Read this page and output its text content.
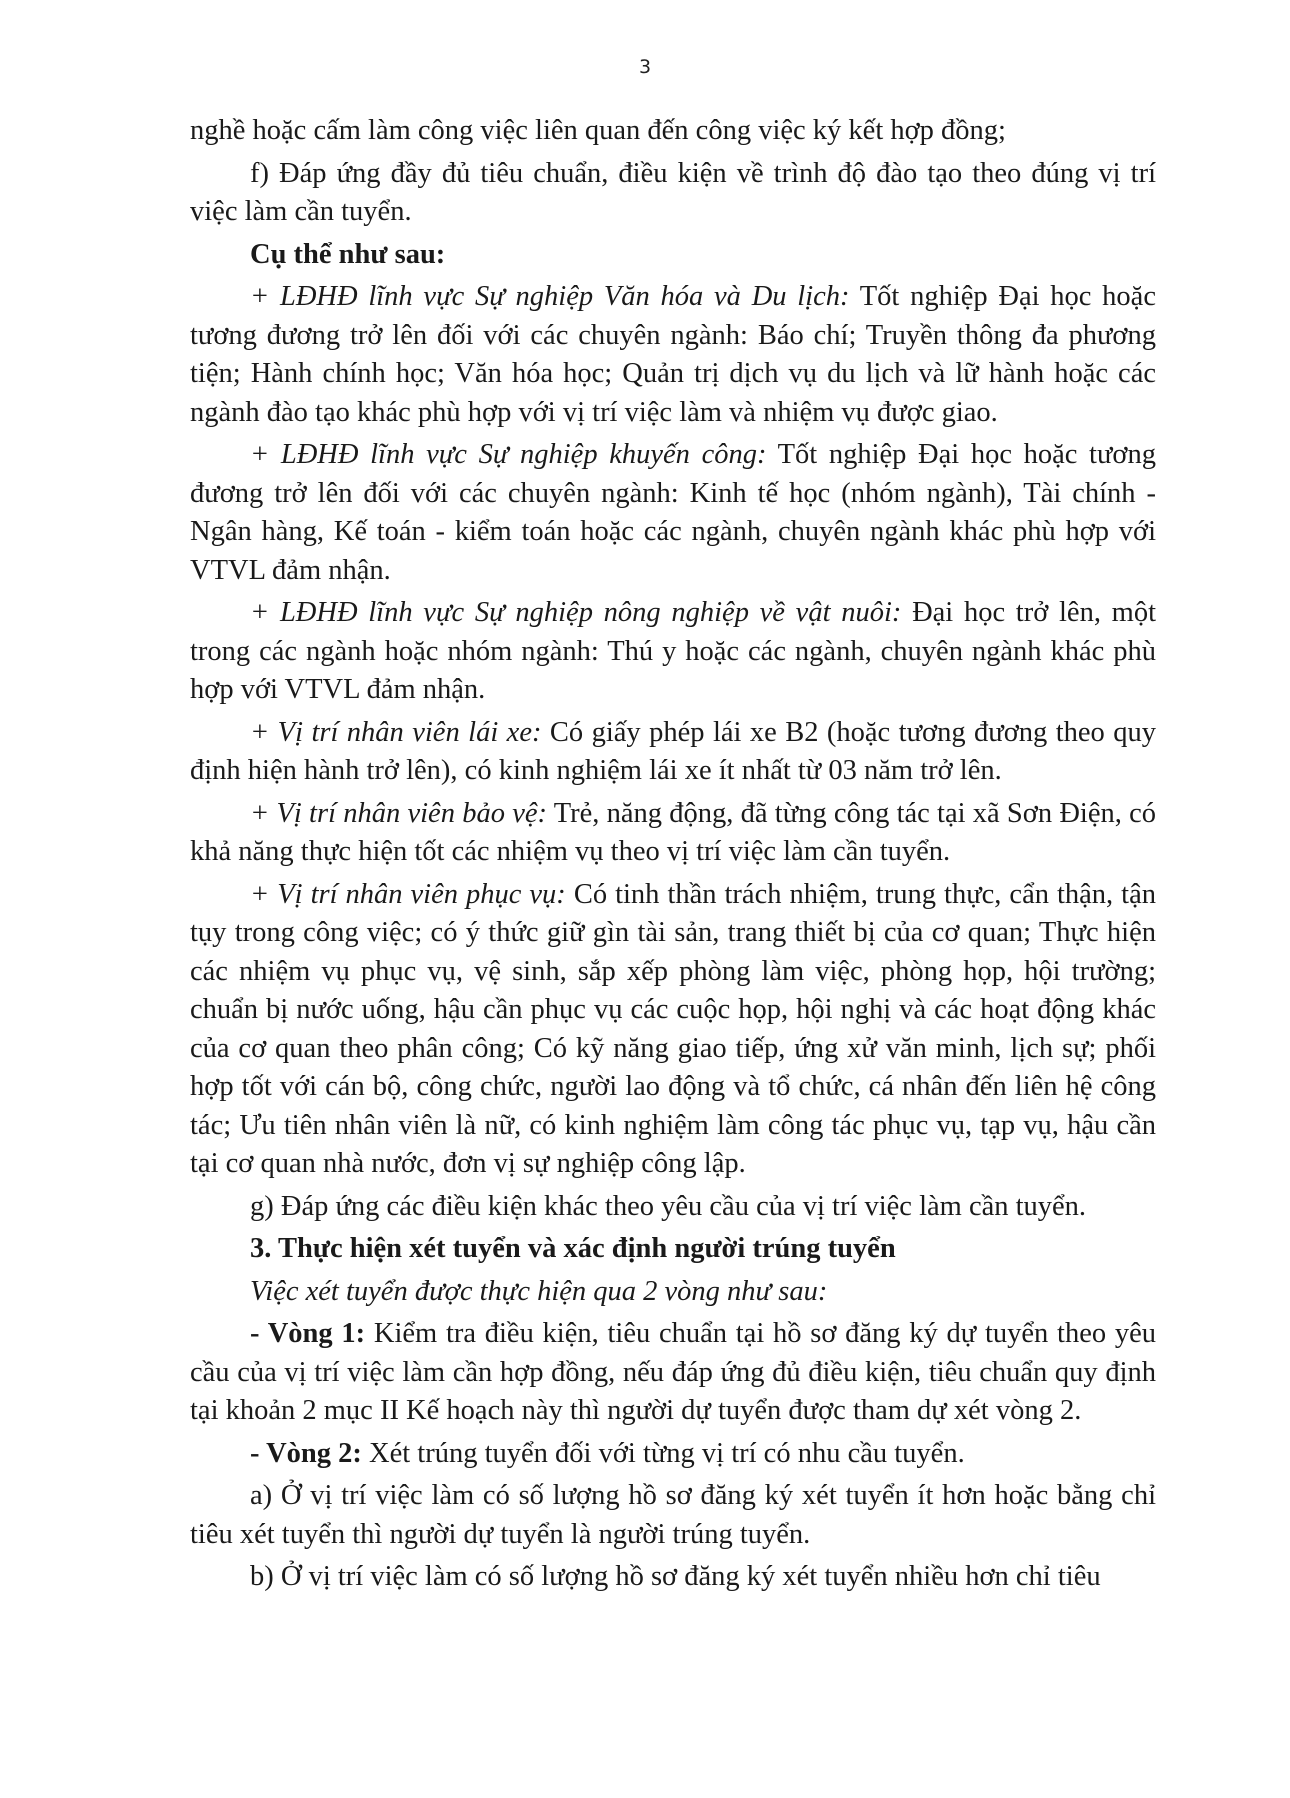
3

nghề hoặc cấm làm công việc liên quan đến công việc ký kết hợp đồng;

f) Đáp ứng đầy đủ tiêu chuẩn, điều kiện về trình độ đào tạo theo đúng vị trí việc làm cần tuyển.

Cụ thể như sau:

+ LĐHĐ lĩnh vực Sự nghiệp Văn hóa và Du lịch: Tốt nghiệp Đại học hoặc tương đương trở lên đối với các chuyên ngành: Báo chí; Truyền thông đa phương tiện; Hành chính học; Văn hóa học; Quản trị dịch vụ du lịch và lữ hành hoặc các ngành đào tạo khác phù hợp với vị trí việc làm và nhiệm vụ được giao.

+ LĐHĐ lĩnh vực Sự nghiệp khuyến công: Tốt nghiệp Đại học hoặc tương đương trở lên đối với các chuyên ngành: Kinh tế học (nhóm ngành), Tài chính - Ngân hàng, Kế toán - kiểm toán hoặc các ngành, chuyên ngành khác phù hợp với VTVL đảm nhận.

+ LĐHĐ lĩnh vực Sự nghiệp nông nghiệp về vật nuôi: Đại học trở lên, một trong các ngành hoặc nhóm ngành: Thú y hoặc các ngành, chuyên ngành khác phù hợp với VTVL đảm nhận.

+ Vị trí nhân viên lái xe: Có giấy phép lái xe B2 (hoặc tương đương theo quy định hiện hành trở lên), có kinh nghiệm lái xe ít nhất từ 03 năm trở lên.

+ Vị trí nhân viên bảo vệ: Trẻ, năng động, đã từng công tác tại xã Sơn Điện, có khả năng thực hiện tốt các nhiệm vụ theo vị trí việc làm cần tuyển.

+ Vị trí nhân viên phục vụ: Có tinh thần trách nhiệm, trung thực, cẩn thận, tận tụy trong công việc; có ý thức giữ gìn tài sản, trang thiết bị của cơ quan; Thực hiện các nhiệm vụ phục vụ, vệ sinh, sắp xếp phòng làm việc, phòng họp, hội trường; chuẩn bị nước uống, hậu cần phục vụ các cuộc họp, hội nghị và các hoạt động khác của cơ quan theo phân công; Có kỹ năng giao tiếp, ứng xử văn minh, lịch sự; phối hợp tốt với cán bộ, công chức, người lao động và tổ chức, cá nhân đến liên hệ công tác; Ưu tiên nhân viên là nữ, có kinh nghiệm làm công tác phục vụ, tạp vụ, hậu cần tại cơ quan nhà nước, đơn vị sự nghiệp công lập.

g) Đáp ứng các điều kiện khác theo yêu cầu của vị trí việc làm cần tuyển.

3. Thực hiện xét tuyển và xác định người trúng tuyển

Việc xét tuyển được thực hiện qua 2 vòng như sau:

- Vòng 1: Kiểm tra điều kiện, tiêu chuẩn tại hồ sơ đăng ký dự tuyển theo yêu cầu của vị trí việc làm cần hợp đồng, nếu đáp ứng đủ điều kiện, tiêu chuẩn quy định tại khoản 2 mục II Kế hoạch này thì người dự tuyển được tham dự xét vòng 2.

- Vòng 2: Xét trúng tuyển đối với từng vị trí có nhu cầu tuyển.

a) Ở vị trí việc làm có số lượng hồ sơ đăng ký xét tuyển ít hơn hoặc bằng chỉ tiêu xét tuyển thì người dự tuyển là người trúng tuyển.

b) Ở vị trí việc làm có số lượng hồ sơ đăng ký xét tuyển nhiều hơn chỉ tiêu
